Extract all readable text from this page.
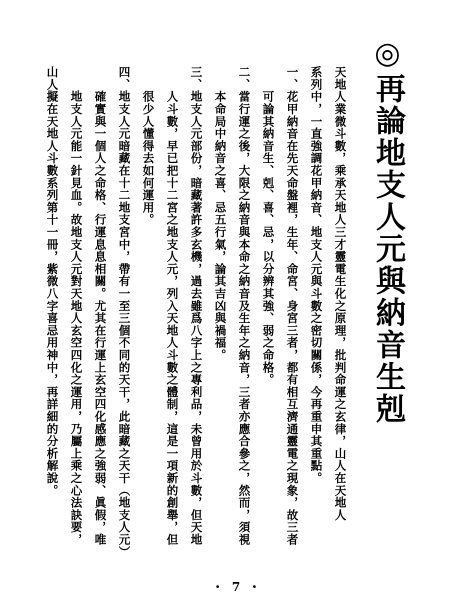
◎再論地支人元與納音生剋
天地人業微斗數，乘承天地人三才靈電生化之原理，批判命運之玄律，山人在天地人
系列中，一直強調花甲納音、地支人元與斗數之密切關係，今再重申其重點。
一、花甲納音在先天命盤裡，生年、命宮、身宮三者，都有相互濟通靈電之現象，故三者
　　可論其納音生、剋、喜、忌，以分辨其強、弱之命格。
二、當行運之後，大限之納音與本命之納音及生年之納音，三者亦應合參之，然而，須視
　　本命局中納音之喜、忌五行氣，論其吉凶與禍福。
三、地支人元部份，暗藏著許多玄機，過去雖爲八字上之專利品，未曾用於斗數，但天地
　　人斗數，早已把十二宮之地支人元，列入天地人斗數之體制，這是一項新的創舉，但
　　很少人懂得去如何運用。
四、地支人元暗藏在十二地支宮中，帶有一至三個不同的天干，此暗藏之天干（地支人元）
　　確實與一個人之命格、行運息息相關。尤其在行運上玄空四化感應之強弱、眞假，唯
　　地支人元能一針見血。故地支人元對天地人玄空四化之運用，乃屬上乘之心法訣要，
山人擬在天地人斗數系列第十一冊，紫微八字喜忌用神中，再詳細的分析解說。
・ 7 ・
